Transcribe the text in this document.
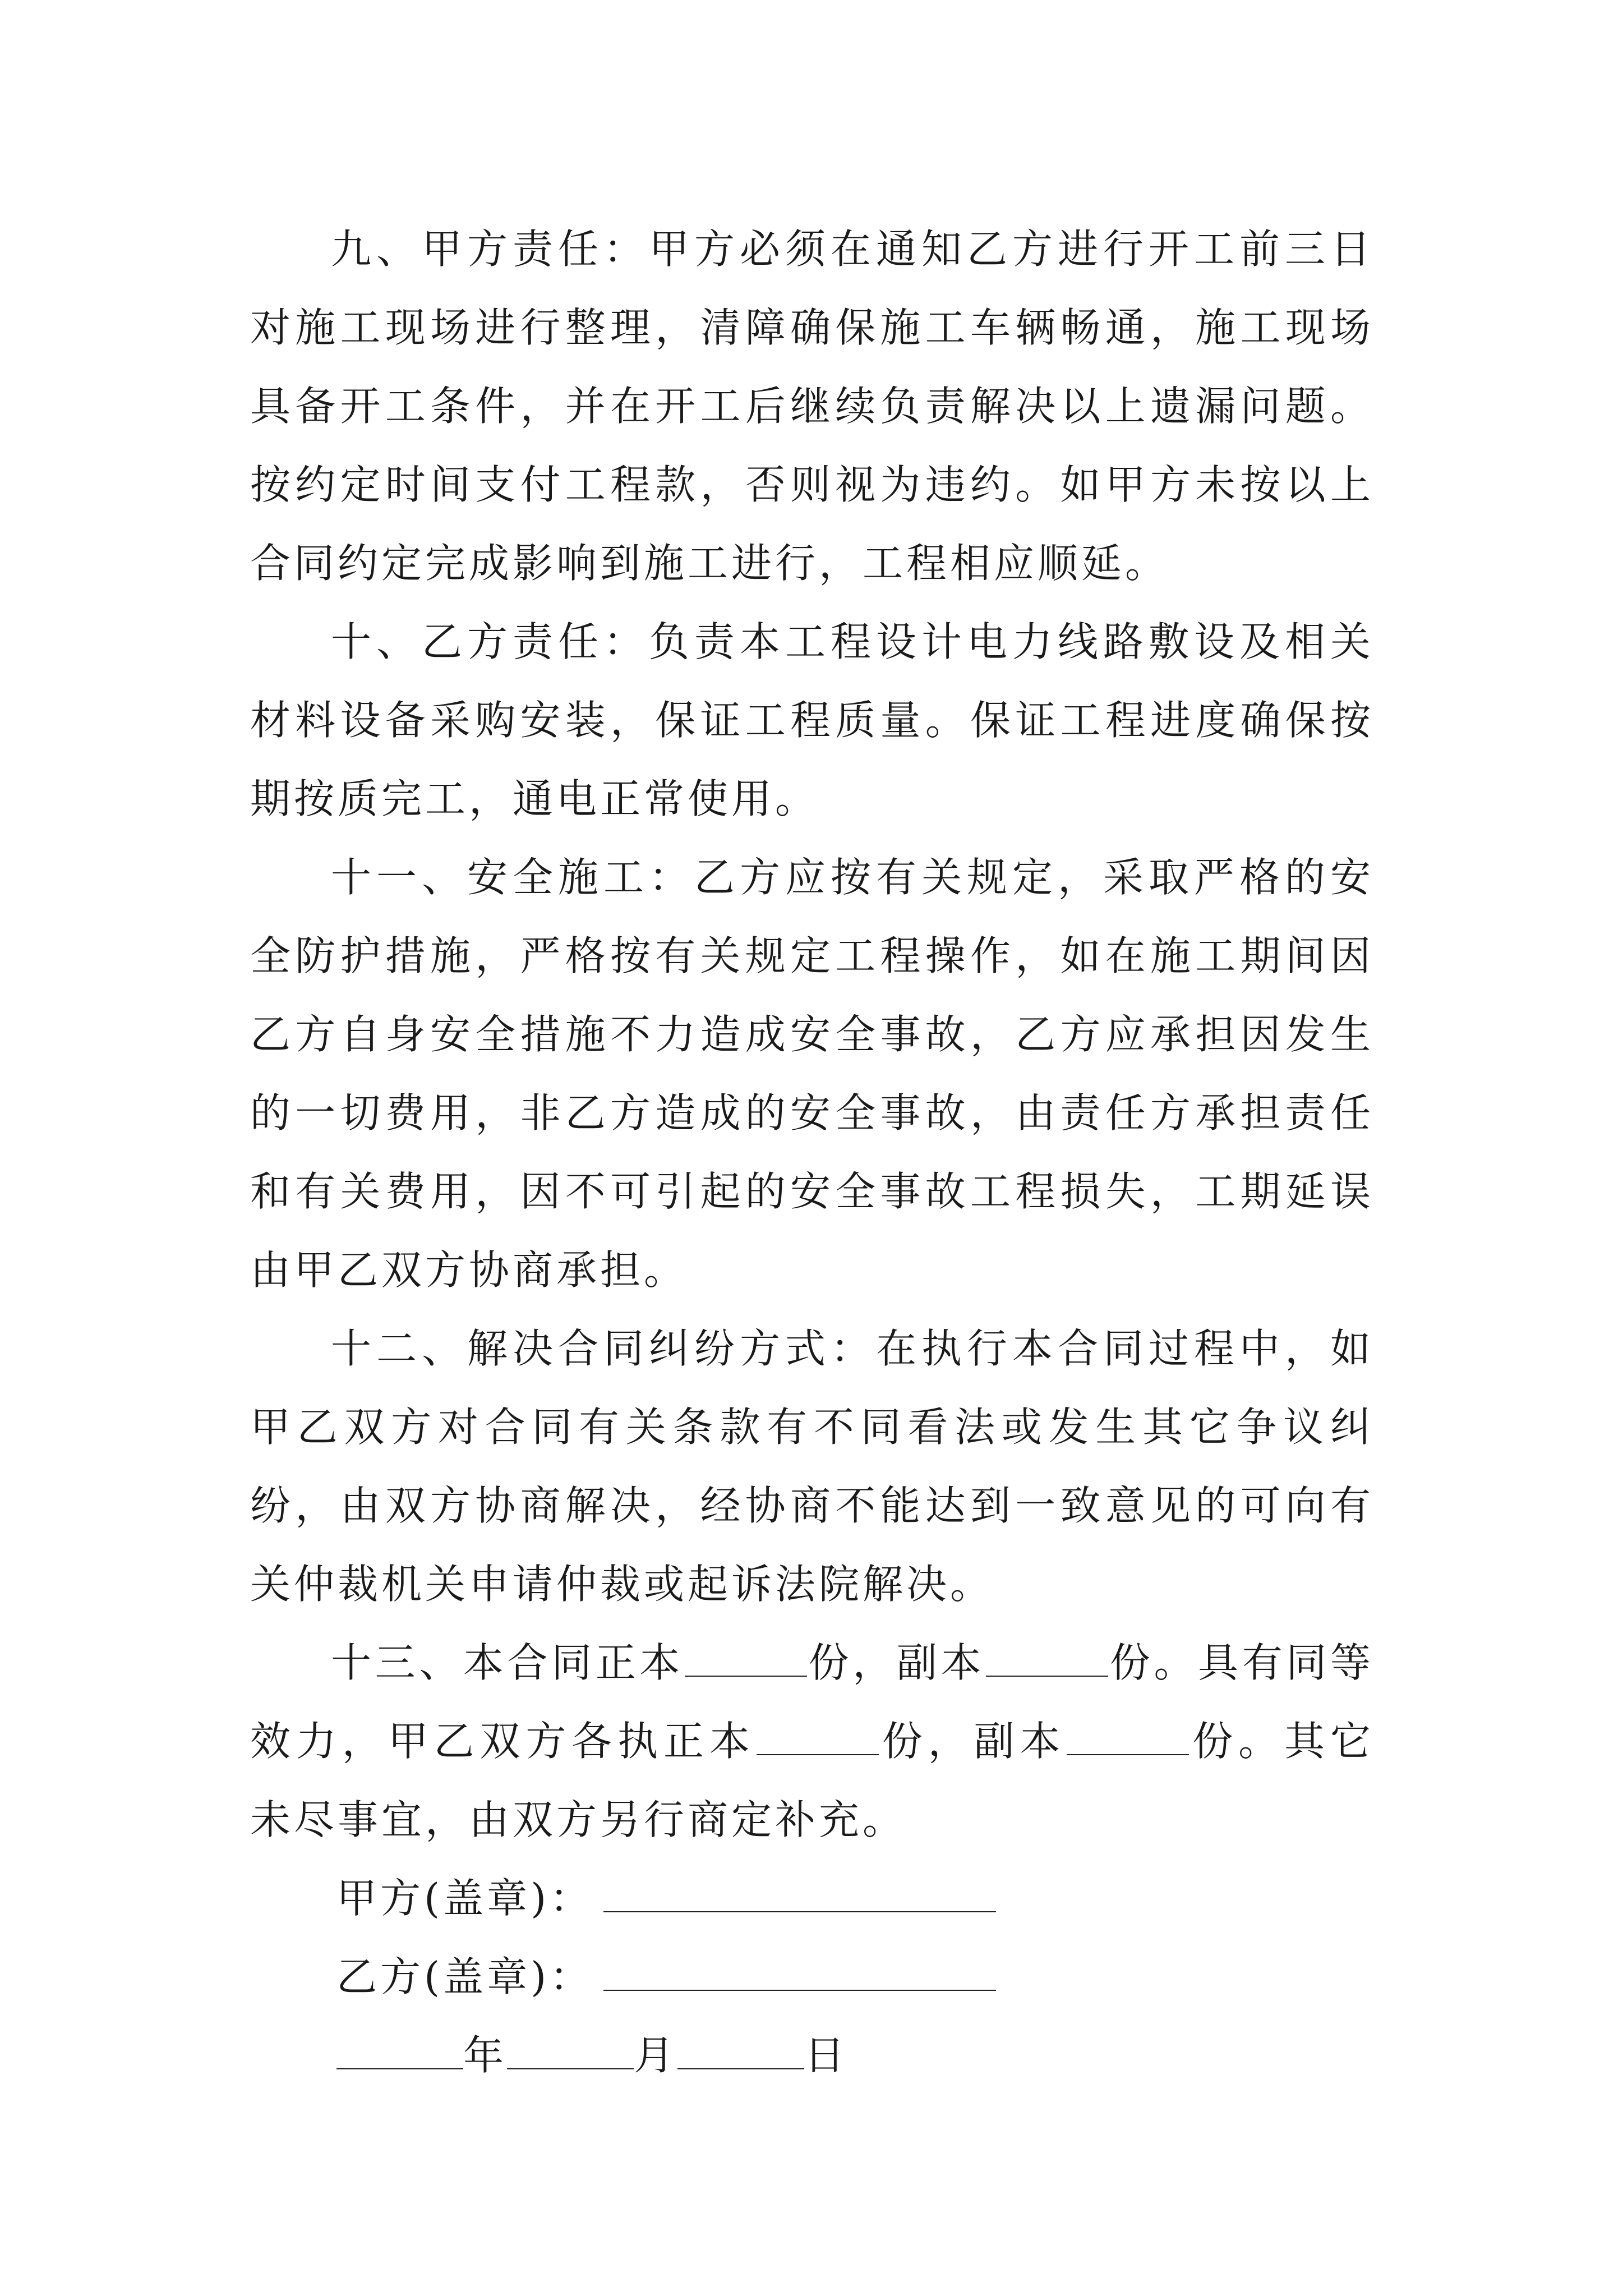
九、甲方责任：甲方必须在通知乙方进行开工前三日对施工现场进行整理，清障确保施工车辆畅通，施工现场具备开工条件，并在开工后继续负责解决以上遗漏问题。按约定时间支付工程款，否则视为违约。如甲方未按以上合同约定完成影响到施工进行，工程相应顺延。

十、乙方责任：负责本工程设计电力线路敷设及相关材料设备采购安装，保证工程质量。保证工程进度确保按期按质完工，通电正常使用。

十一、安全施工：乙方应按有关规定，采取严格的安全防护措施，严格按有关规定工程操作，如在施工期间因乙方自身安全措施不力造成安全事故，乙方应承担因发生的一切费用，非乙方造成的安全事故，由责任方承担责任和有关费用，因不可引起的安全事故工程损失，工期延误由甲乙双方协商承担。

十二、解决合同纠纷方式：在执行本合同过程中，如甲乙双方对合同有关条款有不同看法或发生其它争议纠纷，由双方协商解决，经协商不能达到一致意见的可向有关仲裁机关申请仲裁或起诉法院解决。

十三、本合同正本	份，副本	份。具有同等效力，甲乙双方各执正本	份，副本	份。其它未尽事宜，由双方另行商定补充。

甲方(盖章)：

乙方(盖章)：

年	月	日
